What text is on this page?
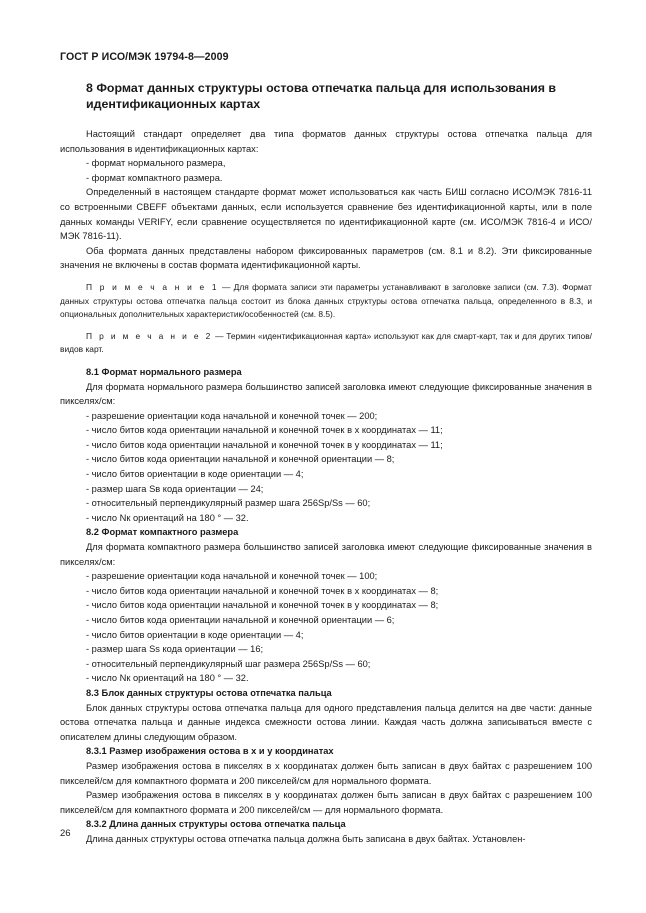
ГОСТ Р ИСО/МЭК 19794-8—2009
8 Формат данных структуры остова отпечатка пальца для использования в идентификационных картах

Настоящий стандарт определяет два типа форматов данных структуры остова отпечатка пальца для использования в идентификационных картах:

- формат нормального размера,

- формат компактного размера.

Определенный в настоящем стандарте формат может использоваться как часть БИШ согласно ИСО/МЭК 7816-11 со встроенными CBEFF объектами данных, если используется сравнение без идентификационной карты, или в поле данных команды VERIFY, если сравнение осуществляется по идентификационной карте (см. ИСО/МЭК 7816-4 и ИСО/МЭК 7816-11).

Оба формата данных представлены набором фиксированных параметров (см. 8.1 и 8.2). Эти фиксированные значения не включены в состав формата идентификационной карты.

П р и м е ч а н и е 1 — Для формата записи эти параметры устанавливают в заголовке записи (см. 7.3). Формат данных структуры остова отпечатка пальца состоит из блока данных структуры остова отпечатка пальца, определенного в 8.3, и опциональных дополнительных характеристик/особенностей (см. 8.5).

П р и м е ч а н и е 2 — Термин «идентификационная карта» используют как для смарт-карт, так и для других типов/видов карт.

8.1 Формат нормального размера

Для формата нормального размера большинство записей заголовка имеют следующие фиксированные значения в пикселях/см:

- разрешение ориентации кода начальной и конечной точек — 200;

- число битов кода ориентации начальной и конечной точек в x координатах — 11;

- число битов кода ориентации начальной и конечной точек в y координатах — 11;

- число битов кода ориентации начальной и конечной ориентации — 8;

- число битов ориентации в коде ориентации — 4;

- размер шага Sв кода ориентации — 24;

- относительный перпендикулярный размер шага 256Sp/Ss — 60;

- число Nк ориентаций на 180 ° — 32.

8.2 Формат компактного размера

Для формата компактного размера большинство записей заголовка имеют следующие фиксированные значения в пикселях/см:

- разрешение ориентации кода начальной и конечной точек — 100;

- число битов кода ориентации начальной и конечной точек в x координатах — 8;

- число битов кода ориентации начальной и конечной точек в y координатах — 8;

- число битов кода ориентации начальной и конечной ориентации — 6;

- число битов ориентации в коде ориентации — 4;

- размер шага Ss кода ориентации — 16;

- относительный перпендикулярный шаг размера 256Sp/Ss — 60;

- число Nк ориентаций на 180 ° — 32.

8.3 Блок данных структуры остова отпечатка пальца

Блок данных структуры остова отпечатка пальца для одного представления пальца делится на две части: данные остова отпечатка пальца и данные индекса смежности остова линии. Каждая часть должна записываться вместе с описателем длины следующим образом.

8.3.1 Размер изображения остова в x и y координатах

Размер изображения остова в пикселях в x координатах должен быть записан в двух байтах с разрешением 100 пикселей/см для компактного формата и 200 пикселей/см для нормального формата.

Размер изображения остова в пикселях в y координатах должен быть записан в двух байтах с разрешением 100 пикселей/см для компактного формата и 200 пикселей/см — для нормального формата.

8.3.2 Длина данных структуры остова отпечатка пальца

Длина данных структуры остова отпечатка пальца должна быть записана в двух байтах. Установлен-

26
